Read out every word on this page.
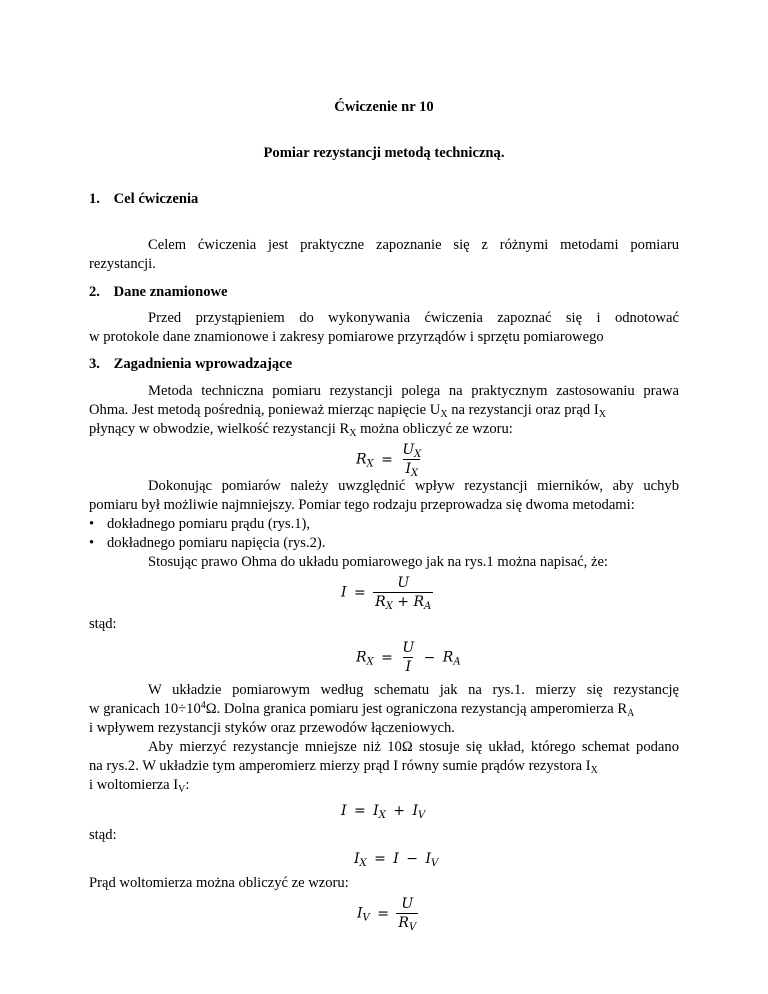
Ćwiczenie nr 10
Pomiar rezystancji metodą techniczną.
1. Cel ćwiczenia
Celem ćwiczenia jest praktyczne zapoznanie się z różnymi metodami pomiaru
rezystancji.
2. Dane znamionowe
Przed przystąpieniem do wykonywania ćwiczenia zapoznać się i odnotować
w protokole dane znamionowe i zakresy pomiarowe przyrządów i sprzętu pomiarowego
3. Zagadnienia wprowadzające
Metoda techniczna pomiaru rezystancji polega na praktycznym zastosowaniu prawa
Ohma. Jest metodą pośrednią, ponieważ mierząc napięcie $U_X$ na rezystancji oraz prąd $I_X$
płynący w obwodzie, wielkość rezystancji $R_X$ można obliczyć ze wzoru:
$R_X = \frac{U_X}{I_X}$
Dokonując pomiarów należy uwzględnić wpływ rezystancji mierników, aby uchyb
pomiaru był możliwie najmniejszy. Pomiar tego rodzaju przeprowadza się dwoma metodami:
• dokładnego pomiaru prądu (rys.1),
• dokładnego pomiaru napięcia (rys.2).
Stosując prawo Ohma do układu pomiarowego jak na rys.1 można napisać, że:
$I = \frac{U}{R_X + R_A}$
stąd:
$R_X = \frac{U}{I} - R_A$
W układzie pomiarowym według schematu jak na rys.1. mierzy się rezystancję
w granicach $10\div 10^4\Omega$. Dolna granica pomiaru jest ograniczona rezystancją amperomierza $R_A$
i wpływem rezystancji styków oraz przewodów łączeniowych.
Aby mierzyć rezystancje mniejsze niż 10Ω stosuje się układ, którego schemat podano
na rys.2. W układzie tym amperomierz mierzy prąd I równy sumie prądów rezystora $I_X$
i woltomierza $I_V$:
$I = I_X + I_V$
stąd:
$I_X = I - I_V$
Prąd woltomierza można obliczyć ze wzoru:
$I_V = \frac{U}{R_V}$
